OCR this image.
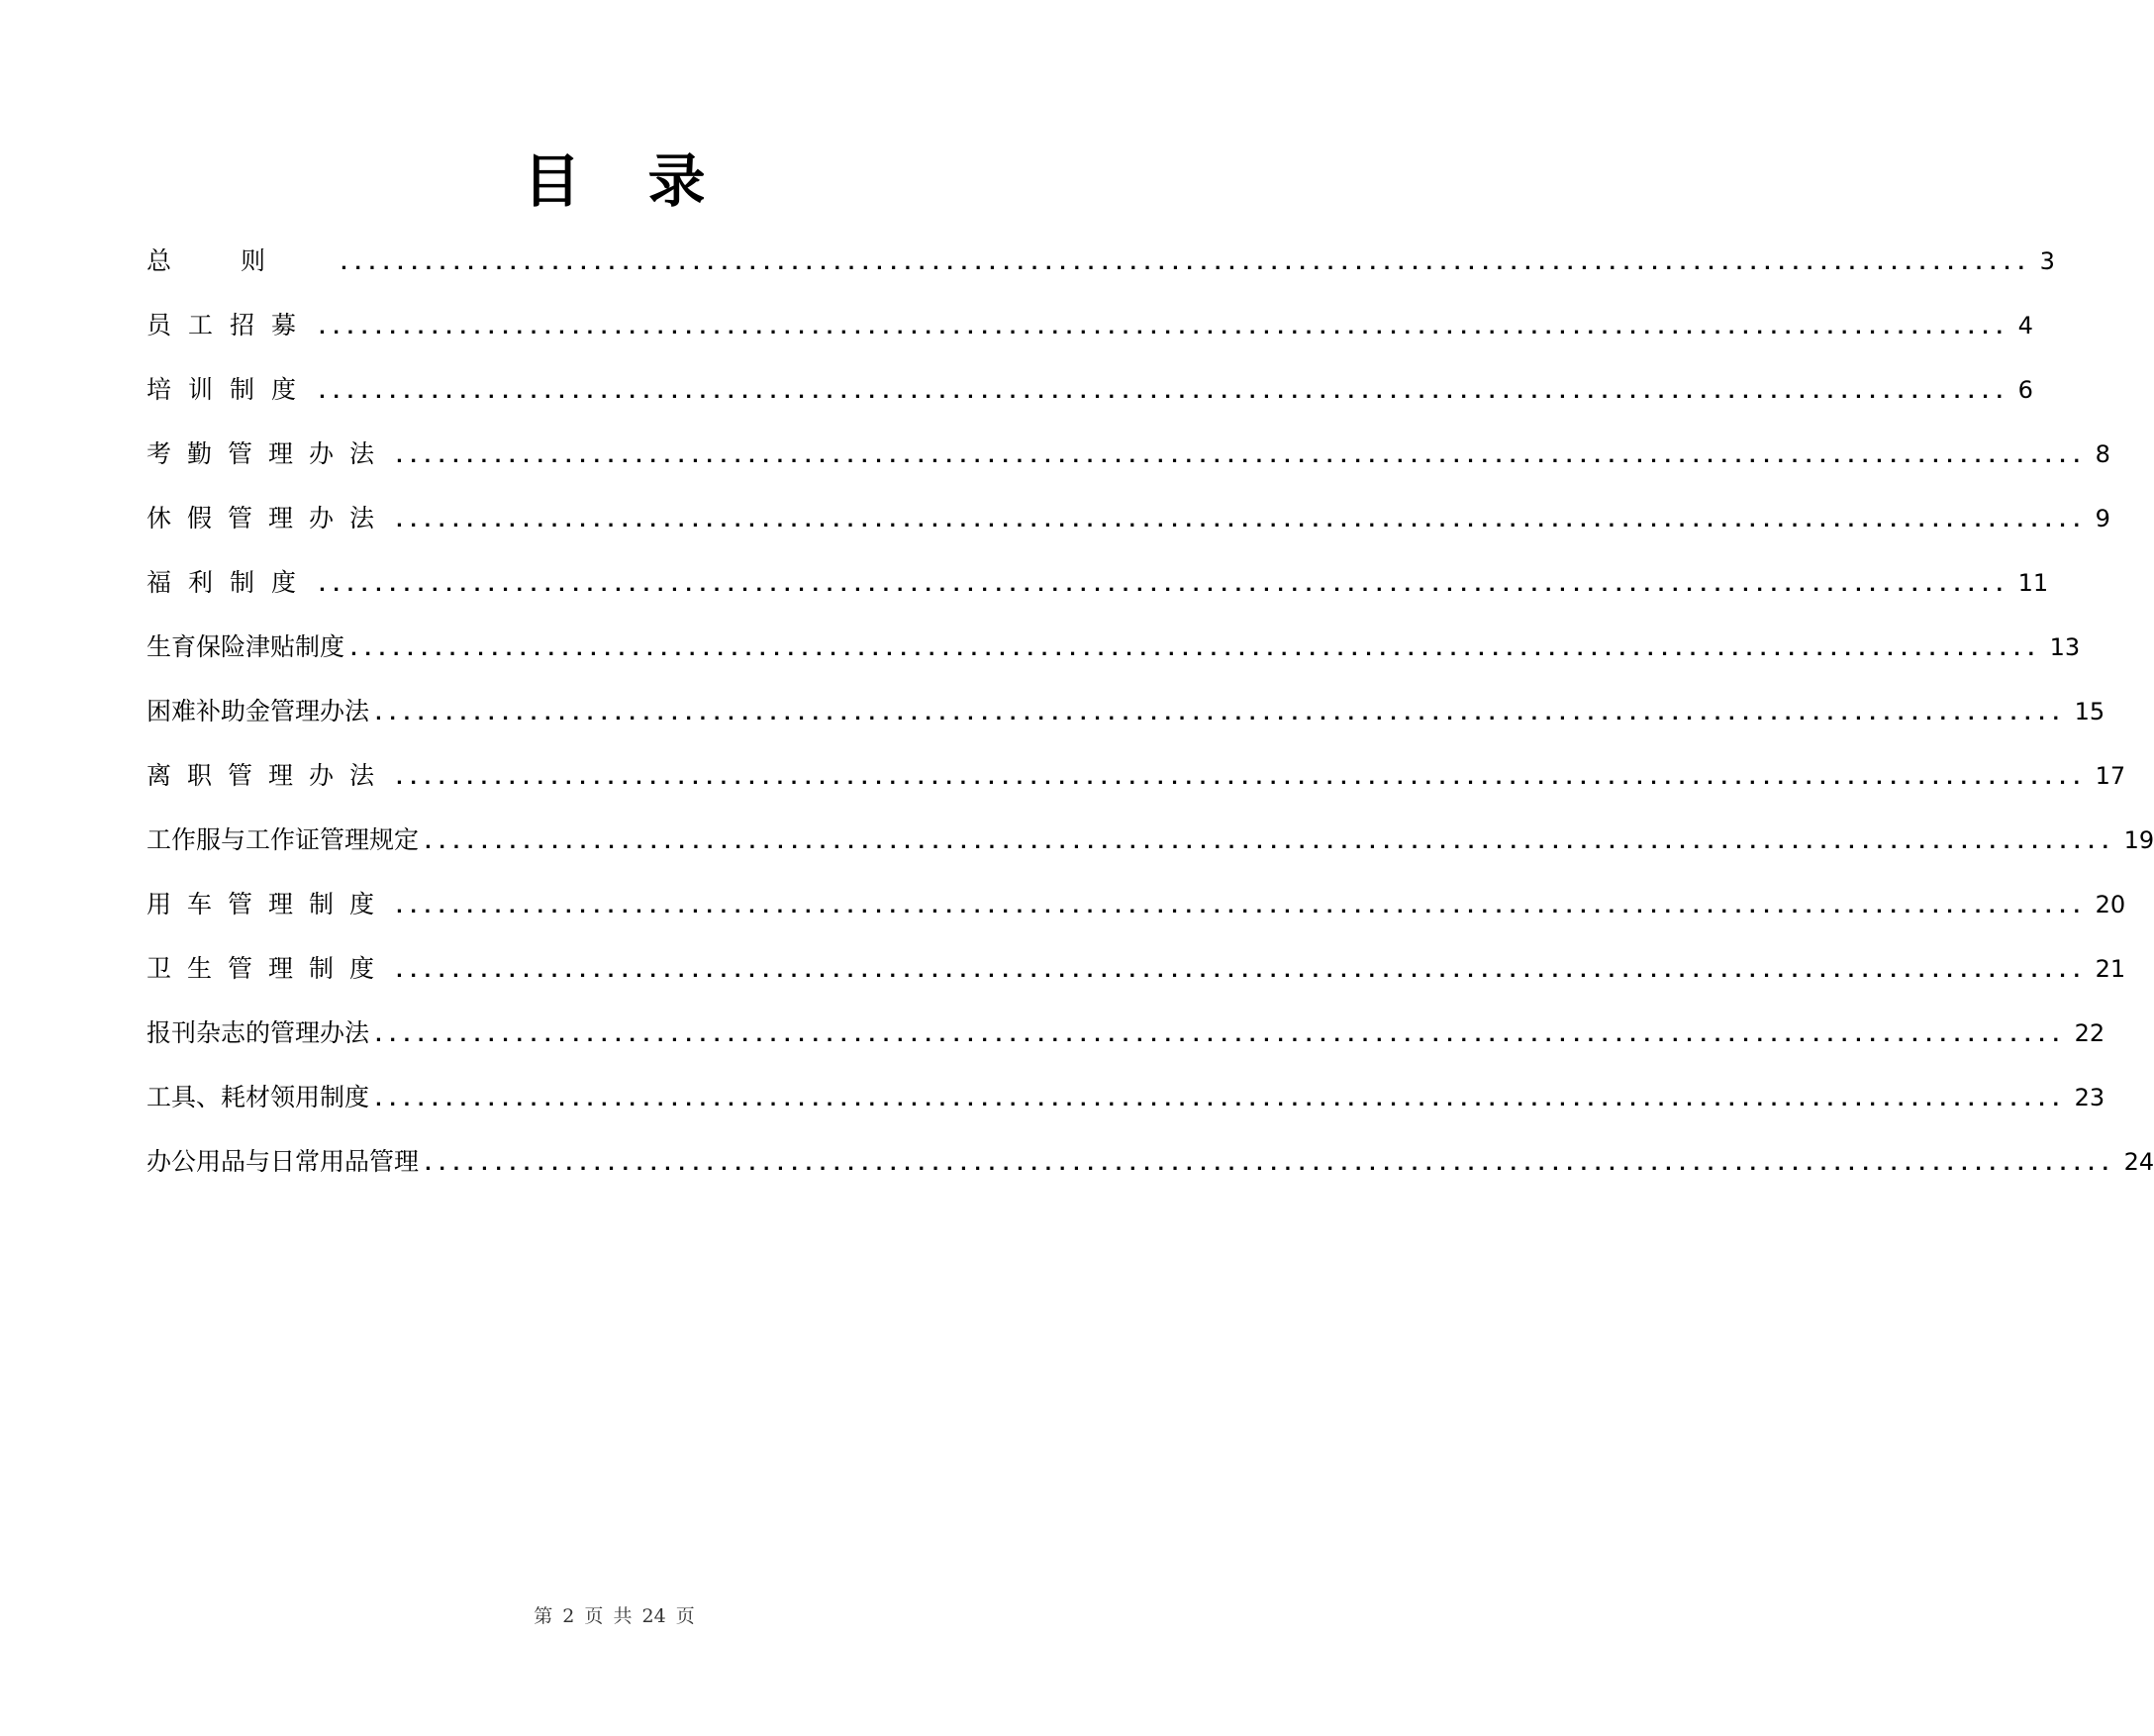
目 录
总则 ........................................................................................................................ 3
员工招募 ........................................................................................................................ 4
培训制度 ........................................................................................................................ 6
考勤管理办法 ........................................................................................................................ 8
休假管理办法 ........................................................................................................................ 9
福利制度 ........................................................................................................................ 11
生育保险津贴制度 ........................................................................................................................ 13
困难补助金管理办法 ........................................................................................................................ 15
离职管理办法 ........................................................................................................................ 17
工作服与工作证管理规定 ........................................................................................................................ 19
用车管理制度 ........................................................................................................................ 20
卫生管理制度 ........................................................................................................................ 21
报刊杂志的管理办法 ........................................................................................................................ 22
工具、耗材领用制度 ........................................................................................................................ 23
办公用品与日常用品管理 ........................................................................................................................ 24
第 2 页 共 24 页
